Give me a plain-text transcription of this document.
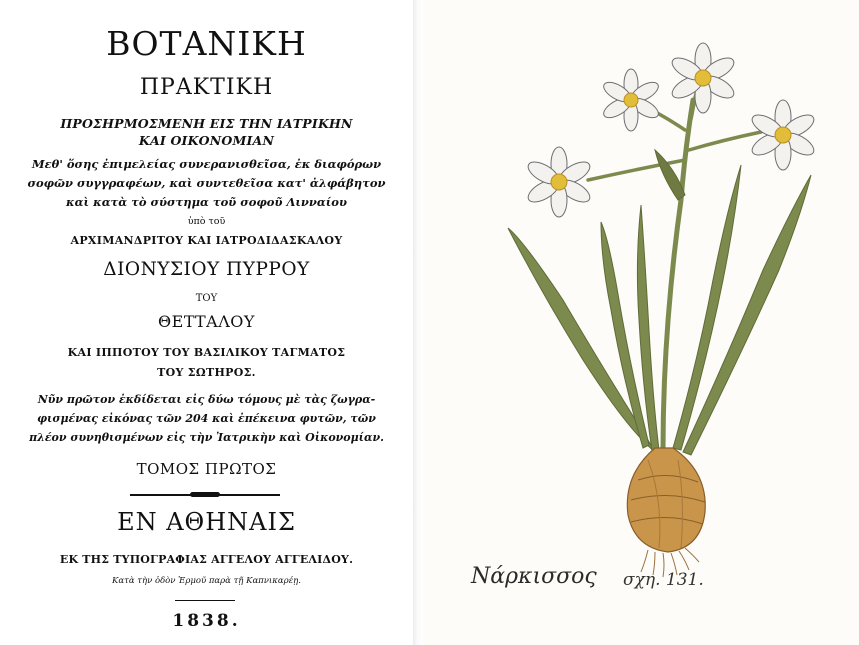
ΒΟΤΑΝΙΚΗ
ΠΡΑΚΤΙΚΗ
ΠΡΟΣΗΡΜΟΣΜΕΝΗ ΕΙΣ ΤΗΝ ΙΑΤΡΙΚΗΝ
ΚΑΙ ΟΙΚΟΝΟΜΙΑΝ
Μεθ' ὅσης ἐπιμελείας συνερανισθεῖσα, ἐκ διαφόρων
σοφῶν συγγραφέων, καὶ συντεθεῖσα κατ' ἀλφάβητον
καὶ κατὰ τὸ σύστημα τοῦ σοφοῦ Λινναίου
ὑπὸ τοῦ
ΑΡΧΙΜΑΝΔΡΙΤΟΥ ΚΑΙ ΙΑΤΡΟΔΙΔΑΣΚΑΛΟΥ
ΔΙΟΝΥΣΙΟΥ ΠΥΡΡΟΥ
ΤΟΥ
ΘΕΤΤΑΛΟΥ
ΚΑΙ ΙΠΠΟΤΟΥ ΤΟΥ ΒΑΣΙΛΙΚΟΥ ΤΑΓΜΑΤΟΣ
ΤΟΥ ΣΩΤΗΡΟΣ.
Νῦν πρῶτον ἐκδίδεται εἰς δύω τόμους μὲ τὰς ζωγρα-
φισμένας εἰκόνας τῶν 204 καὶ ἐπέκεινα φυτῶν, τῶν
πλέον συνηθισμένων εἰς τὴν Ἰατρικὴν καὶ Οἰκονομίαν.
ΤΟΜΟΣ ΠΡΩΤΟΣ
ΕΝ ΑΘΗΝΑΙΣ
ΕΚ ΤΗΣ ΤΥΠΟΓΡΑΦΙΑΣ ΑΓΓΕΛΟΥ ΑΓΓΕΛΙΔΟΥ.
Κατὰ τὴν ὁδὸν Ἑρμοῦ παρὰ τῇ Καπνικαρέῃ.
1838.
Νάρκισσος σχη. 131.
